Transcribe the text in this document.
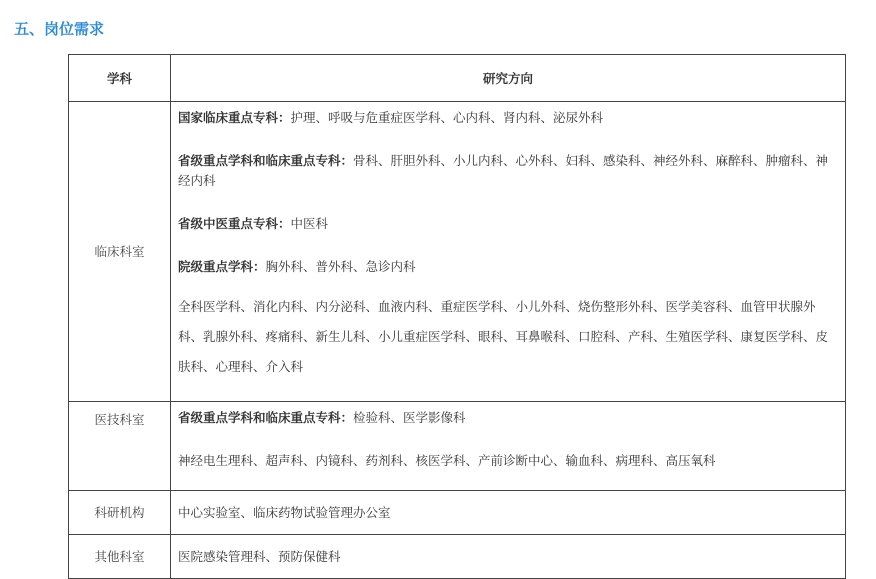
五、岗位需求
学科	研究方向
临床科室	国家临床重点专科：护理、呼吸与危重症医学科、心内科、肾内科、泌尿外科

省级重点学科和临床重点专科：骨科、肝胆外科、小儿内科、心外科、妇科、感染科、神经外科、麻醉科、肿瘤科、神经内科

省级中医重点专科：中医科

院级重点学科：胸外科、普外科、急诊内科

全科医学科、消化内科、内分泌科、血液内科、重症医学科、小儿外科、烧伤整形外科、医学美容科、血管甲状腺外科、乳腺外科、疼痛科、新生儿科、小儿重症医学科、眼科、耳鼻喉科、口腔科、产科、生殖医学科、康复医学科、皮肤科、心理科、介入科

医技科室	省级重点学科和临床重点专科：检验科、医学影像科

神经电生理科、超声科、内镜科、药剂科、核医学科、产前诊断中心、输血科、病理科、高压氧科

科研机构	中心实验室、临床药物试验管理办公室
其他科室	医院感染管理科、预防保健科
